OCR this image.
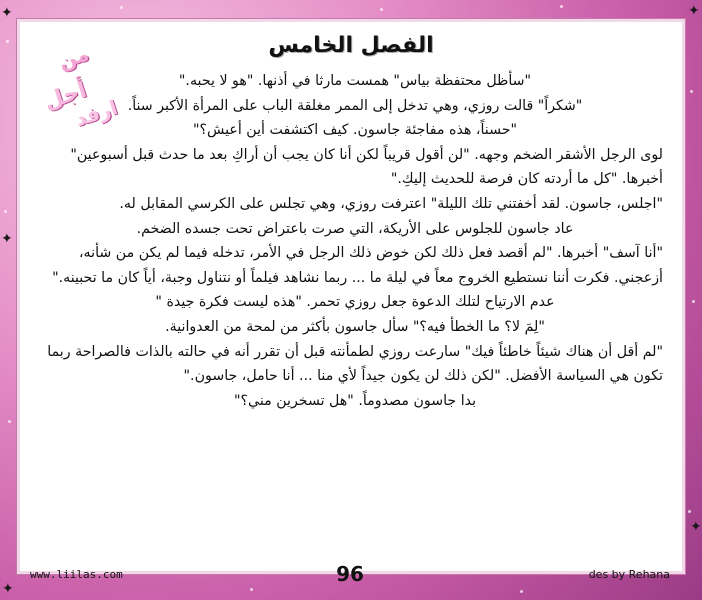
✦
✦
✦
✦
✦
الفصل الخامس
من
أجل
ارفد

"سأظل محتفظة بياس" همست مارثا في أذنها. "هو لا يحبه."

"شكراً" قالت روزي، وهي تدخل إلى الممر مغلقة الباب على المرأة الأكبر سناً.

"حسناً، هذه مفاجئة جاسون. كيف اكتشفت أين أعيش؟"

لوى الرجل الأشقر الضخم وجهه. "لن أقول قريباً لكن أنا كان يجب أن أراكِ بعد ما حدث قبل أسبوعين" أخبرها. "كل ما أردته كان فرصة للحديث إليكِ."

"اجلس، جاسون. لقد أخفتني تلك الليلة" اعترفت روزي، وهي تجلس على الكرسي المقابل له.

عاد جاسون للجلوس على الأريكة، التي صرت باعتراض تحت جسده الضخم.

"أنا آسف" أخبرها. "لم أقصد فعل ذلك لكن خوض ذلك الرجل في الأمر، تدخله فيما لم يكن من شأنه، أزعجني. فكرت أننا نستطيع الخروج معاً في ليلة ما ... ربما نشاهد فيلماً أو نتناول وجبة، أياً كان ما تحبينه."

عدم الارتياح لتلك الدعوة جعل روزي تحمر. "هذه ليست فكرة جيدة "

"لِمَ لا؟ ما الخطأ فيه؟" سأل جاسون بأكثر من لمحة من العدوانية.

"لم أقل أن هناك شيئاً خاطئاً فيك" سارعت روزي لطمأنته قبل أن تقرر أنه في حالته بالذات فالصراحة ربما تكون هي السياسة الأفضل. "لكن ذلك لن يكون جيداً لأي منا ... أنا حامل، جاسون."

بدا جاسون مصدوماً. "هل تسخرين مني؟"

www.liilas.com	96	des by Rehana
